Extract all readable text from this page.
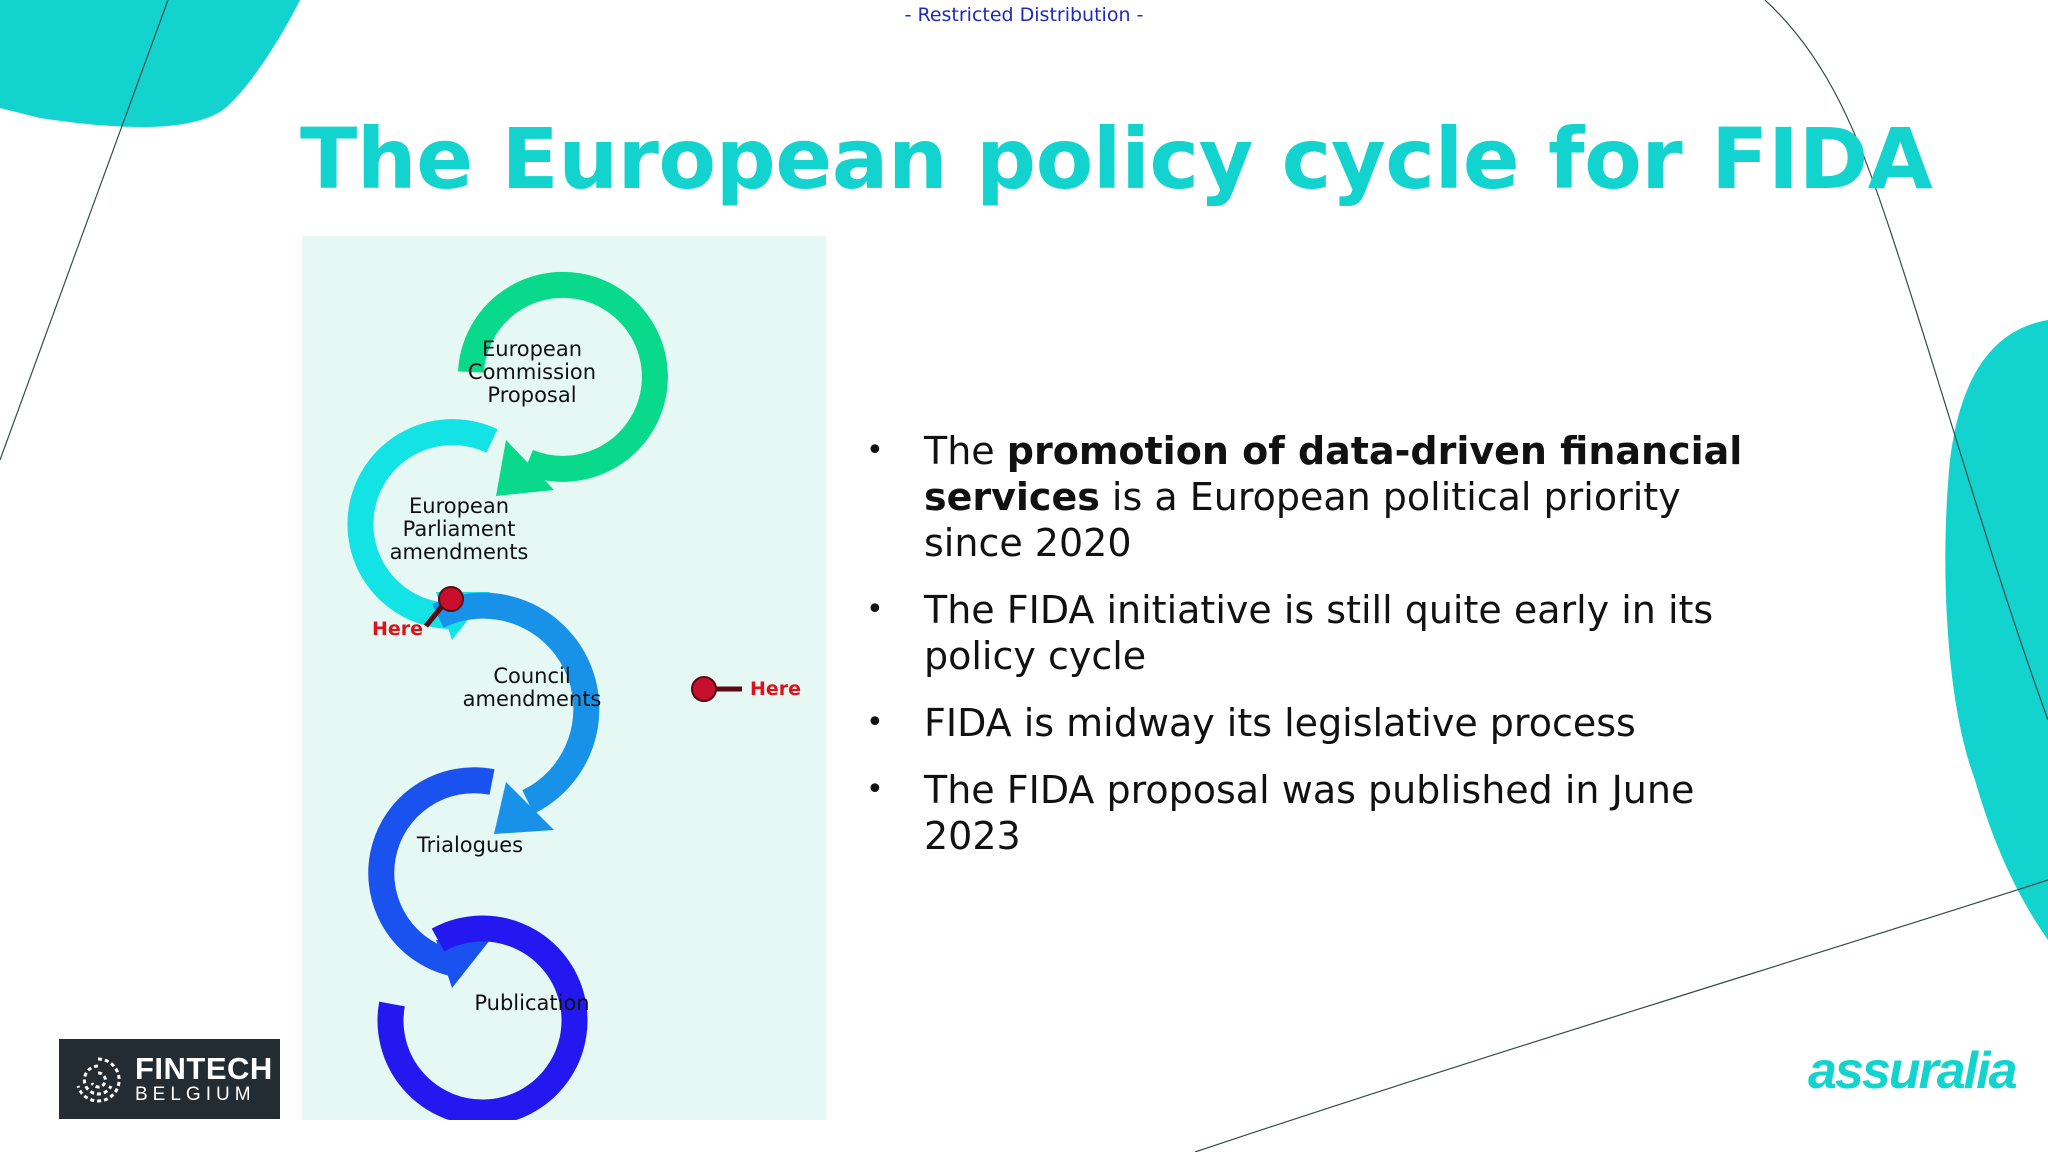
- Restricted Distribution -
The European policy cycle for FIDA
European
Commission
Proposal
European
Parliament
amendments
Council
amendments
Trialogues
Publication
Here
Here
• The promotion of data-driven financial services is a European political priority since 2020
• The FIDA initiative is still quite early in its policy cycle
• FIDA is midway its legislative process
• The FIDA proposal was published in June 2023
FINTECH
BELGIUM	assuralia
